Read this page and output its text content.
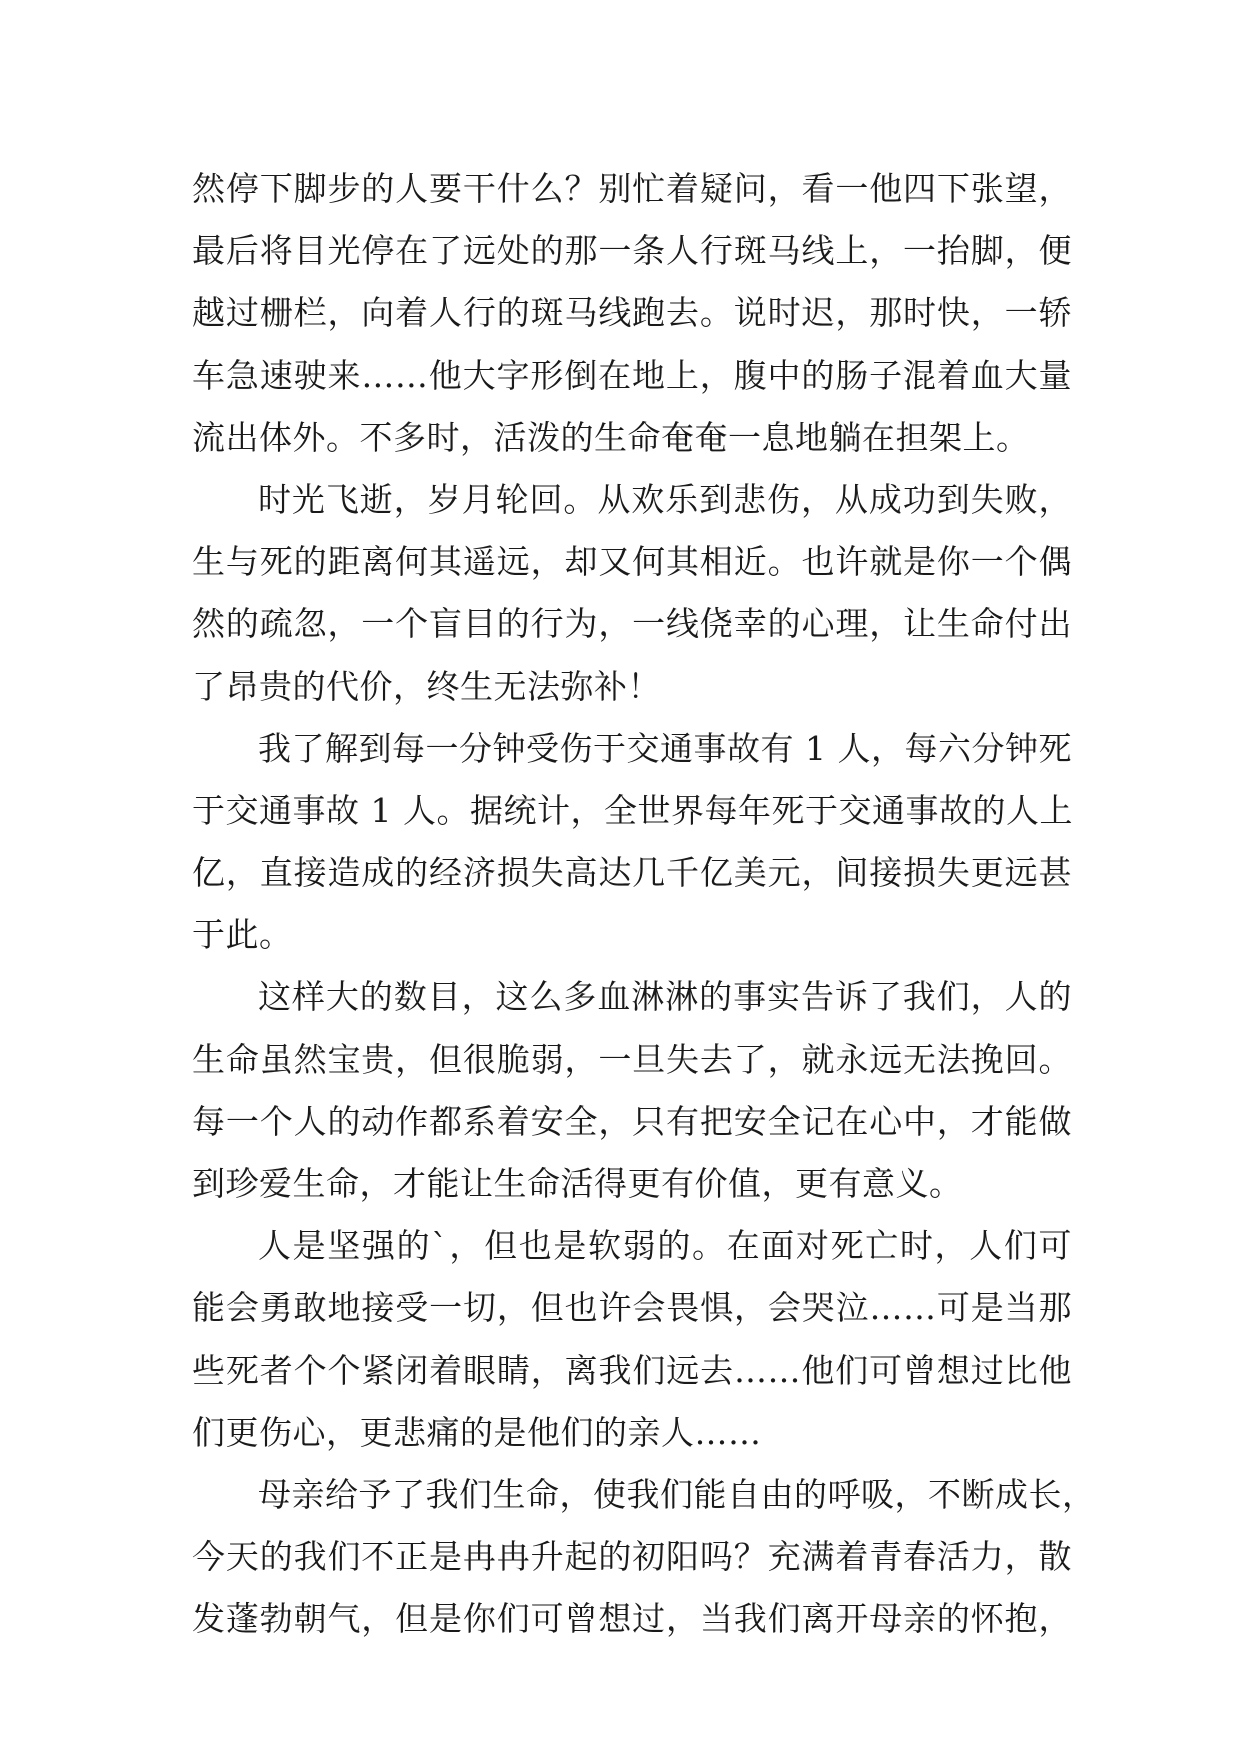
然停下脚步的人要干什么？别忙着疑问，看一他四下张望，
最后将目光停在了远处的那一条人行斑马线上，一抬脚，便
越过栅栏，向着人行的斑马线跑去。说时迟，那时快，一轿
车急速驶来……他大字形倒在地上，腹中的肠子混着血大量
流出体外。不多时，活泼的生命奄奄一息地躺在担架上。
时光飞逝，岁月轮回。从欢乐到悲伤，从成功到失败，
生与死的距离何其遥远，却又何其相近。也许就是你一个偶
然的疏忽，一个盲目的行为，一线侥幸的心理，让生命付出
了昂贵的代价，终生无法弥补！
我了解到每一分钟受伤于交通事故有 1 人，每六分钟死
于交通事故 1 人。据统计，全世界每年死于交通事故的人上
亿，直接造成的经济损失高达几千亿美元，间接损失更远甚
于此。
这样大的数目，这么多血淋淋的事实告诉了我们，人的
生命虽然宝贵，但很脆弱，一旦失去了，就永远无法挽回。
每一个人的动作都系着安全，只有把安全记在心中，才能做
到珍爱生命，才能让生命活得更有价值，更有意义。
人是坚强的`，但也是软弱的。在面对死亡时，人们可
能会勇敢地接受一切，但也许会畏惧，会哭泣……可是当那
些死者个个紧闭着眼睛，离我们远去……他们可曾想过比他
们更伤心，更悲痛的是他们的亲人……
母亲给予了我们生命，使我们能自由的呼吸，不断成长，
今天的我们不正是冉冉升起的初阳吗？充满着青春活力，散
发蓬勃朝气，但是你们可曾想过，当我们离开母亲的怀抱，
